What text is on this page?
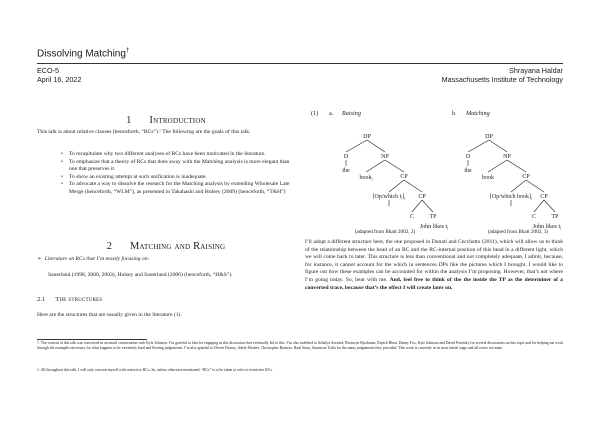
Dissolving Matching†
ECO-5
April 16, 2022
Shrayana Haldar
Massachusetts Institute of Technology
1 Introduction
This talk is about relative clauses (henceforth, “RCs”).¹ The following are the goals of this talk.
• To recapitulate why two different analyses of RCs have been motivated in the literature.
• To emphasize that a theory of RCs that does away with the Matching analysis is more elegant than one that preserves it.
• To show an existing attempt at such unification is inadequate.
• To advocate a way to dissolve the research for the Matching analysis by extending Wholesale Late Merge (henceforth, “WLM”), as presented in Takahashi and Hulsey (2009) (henceforth, “T&H”)
2 Matching and Raising
➢ Literature on RCs that I’m mostly focusing on:
Sauerland (1998, 2000, 2003), Hulsey and Sauerland (2006) (henceforth, “H&S”).
2.1 The structures
Here are the structures that are usually given in the literature (1).
(1) a. Raising	b. Matching
DP
D
the
NP
book$_i$	CP
[Op/which $t_i]_i$ CP
C	TP
John likes $t_i$
(adapted from Bhatt 2002, 2)
DP
D
the
NP
book	CP
[Op/which $book]_i$ CP
C	TP
John likes $t_i$
(adapted from Bhatt 2002, 3)
I’ll adopt a different structure here, the one proposed in Donati and Cecchetto (2011), which will allow us to think of the relationship between the head of an RC and the RC-internal position of this head in a different light, which we will come back to later. This structure is less than conventional and not completely adequate, I admit, because, for instance, it cannot account for the which in sentences DPs like the pictures which I brought. I would like to figure out how these examples can be accounted for within the analysis I’m proposing. However, that’s not where I’m going today. So, bear with me. And, feel free to think of the the inside the TP as the determiner of a converted trace, because that’s the effect I will create later on.
†. The content of this talk was conceived in an email conversation with Kyle Johnson. I’m grateful to him for engaging in this discussion that eventually led to this. I’m also indebted to Athulya Aravind, Bronwyn Bjorkman, Rajesh Bhatt, Danny Fox, Kyle Johnson and David Pesetsky for several discussions on this topic and for helping me work through the examples necessary for what happens to be extremely hard and fleeting judgements. I’m also grateful to Deven Dorsey, Adele Mortier, Christopher Romero, Raul Stasy, Anastasia Tsilia for the many judgements they provided. This work is currently at its most initial stage and all errors are mine.
1. All throughout this talk, I will only concern myself with restrictive RCs. So, unless otherwise mentioned, “RCs” is to be taken to refer to restrictive RCs.
